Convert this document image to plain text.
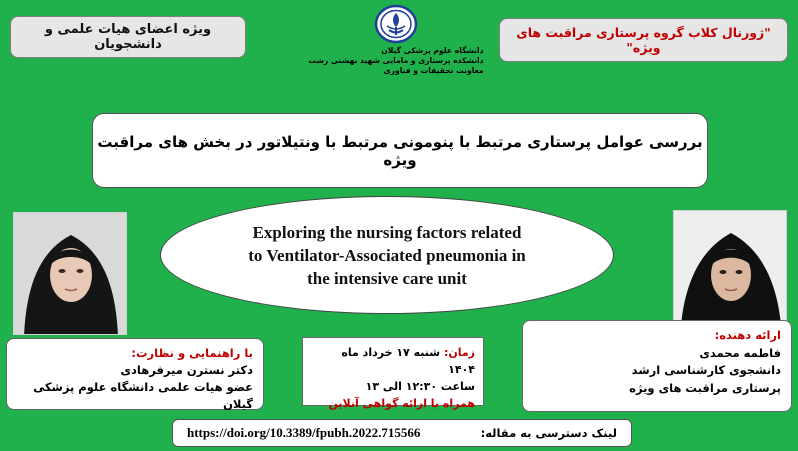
ویژه اعضای هیات علمی و دانشجویان
"ژورنال کلاب گروه پرستاری مراقبت های ویژه"
دانشگاه علوم پزشکی گیلان
دانشکده پرستاری و مامایی شهید بهشتی رشت
معاونت تحقیقات و فناوری
بررسی عوامل پرستاری مرتبط با پنومونی مرتبط با ونتیلاتور در بخش های مراقبت ویژه
Exploring the nursing factors related
to Ventilator-Associated pneumonia in
the intensive care unit
با راهنمایی و نظارت:
دکتر نسترن میرفرهادی
عضو هیات علمی دانشگاه علوم پزشکی گیلان
زمان: شنبه ۱۷ خرداد ماه ۱۴۰۴
ساعت ۱۲:۳۰ الی ۱۳
همراه با ارائه گواهی آنلاین
ارائه دهنده:
فاطمه محمدی
دانشجوی کارشناسی ارشد
پرستاری مراقبت های ویژه
https://doi.org/10.3389/fpubh.2022.715566	لینک دسترسی به مقاله:
